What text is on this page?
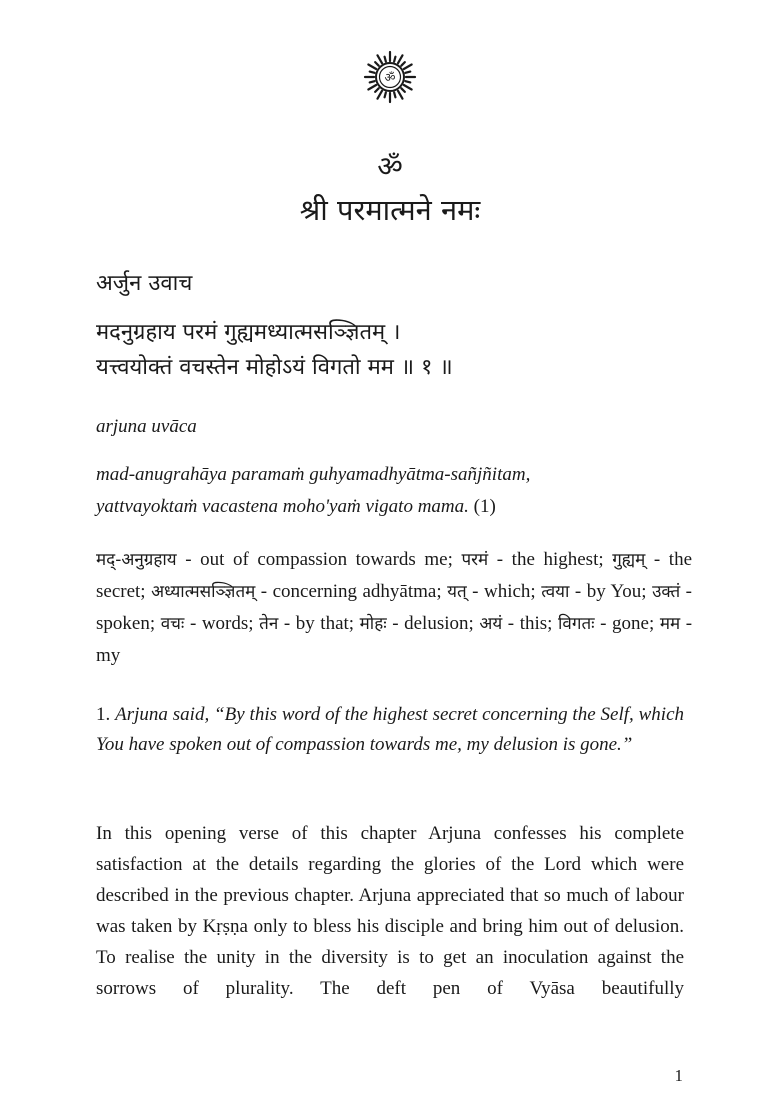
ॐ
ॐ
श्री परमात्मने नमः
अर्जुन उवाच
मदनुग्रहाय परमं गुह्यमध्यात्मसञ्ज्ञितम् ।
यत्त्वयोक्तं वचस्तेन मोहोऽयं विगतो मम ॥ १ ॥
arjuna uvāca
mad-anugrahāya paramaṁ guhyamadhyātma-sañjñitam,
yattvayoktaṁ vacastena moho'yaṁ vigato mama. (1)
मद्-अनुग्रहाय - out of compassion towards me; परमं - the highest; गुह्यम् - the secret; अध्यात्मसञ्ज्ञितम् - concerning adhyātma; यत् - which; त्वया - by You; उक्तं - spoken; वचः - words; तेन - by that; मोहः - delusion; अयं - this; विगतः - gone; मम - my
1. Arjuna said, “By this word of the highest secret concerning the Self, which You have spoken out of compassion towards me, my delusion is gone.”
In this opening verse of this chapter Arjuna confesses his complete satisfaction at the details regarding the glories of the Lord which were described in the previous chapter. Arjuna appreciated that so much of labour was taken by Kṛṣṇa only to bless his disciple and bring him out of delusion. To realise the unity in the diversity is to get an inoculation against the sorrows of plurality. The deft pen of Vyāsa beautifully
1
